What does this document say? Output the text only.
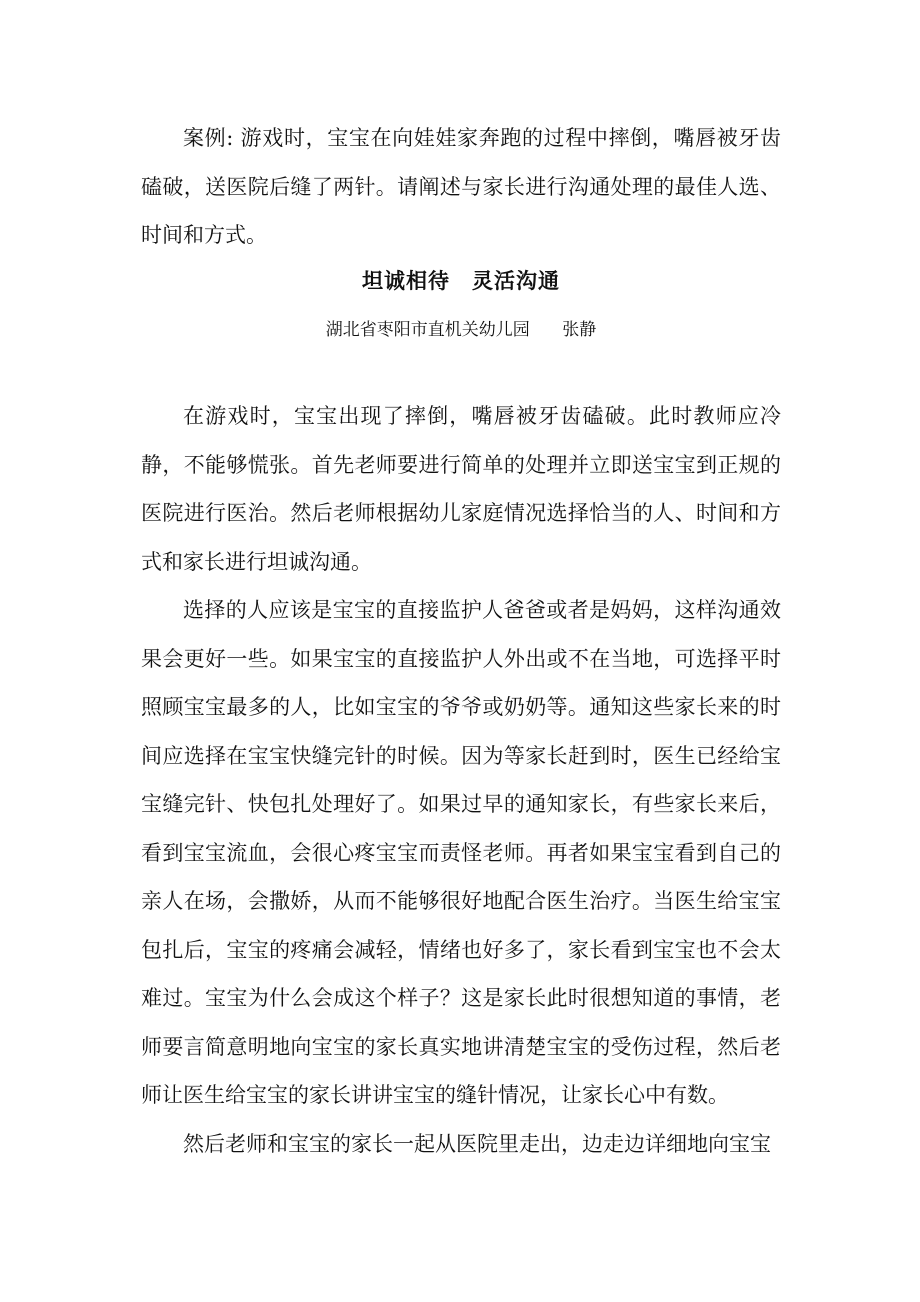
案例: 游戏时，宝宝在向娃娃家奔跑的过程中摔倒，嘴唇被牙齿磕破，送医院后缝了两针。请阐述与家长进行沟通处理的最佳人选、时间和方式。

坦诚相待　灵活沟通

湖北省枣阳市直机关幼儿园 张静

在游戏时，宝宝出现了摔倒，嘴唇被牙齿磕破。此时教师应冷静，不能够慌张。首先老师要进行简单的处理并立即送宝宝到正规的医院进行医治。然后老师根据幼儿家庭情况选择恰当的人、时间和方式和家长进行坦诚沟通。

选择的人应该是宝宝的直接监护人爸爸或者是妈妈，这样沟通效果会更好一些。如果宝宝的直接监护人外出或不在当地，可选择平时照顾宝宝最多的人，比如宝宝的爷爷或奶奶等。通知这些家长来的时间应选择在宝宝快缝完针的时候。因为等家长赶到时，医生已经给宝宝缝完针、快包扎处理好了。如果过早的通知家长，有些家长来后，看到宝宝流血，会很心疼宝宝而责怪老师。再者如果宝宝看到自己的亲人在场，会撒娇，从而不能够很好地配合医生治疗。当医生给宝宝包扎后，宝宝的疼痛会减轻，情绪也好多了，家长看到宝宝也不会太难过。宝宝为什么会成这个样子？这是家长此时很想知道的事情，老师要言简意明地向宝宝的家长真实地讲清楚宝宝的受伤过程，然后老师让医生给宝宝的家长讲讲宝宝的缝针情况，让家长心中有数。

然后老师和宝宝的家长一起从医院里走出，边走边详细地向宝宝
